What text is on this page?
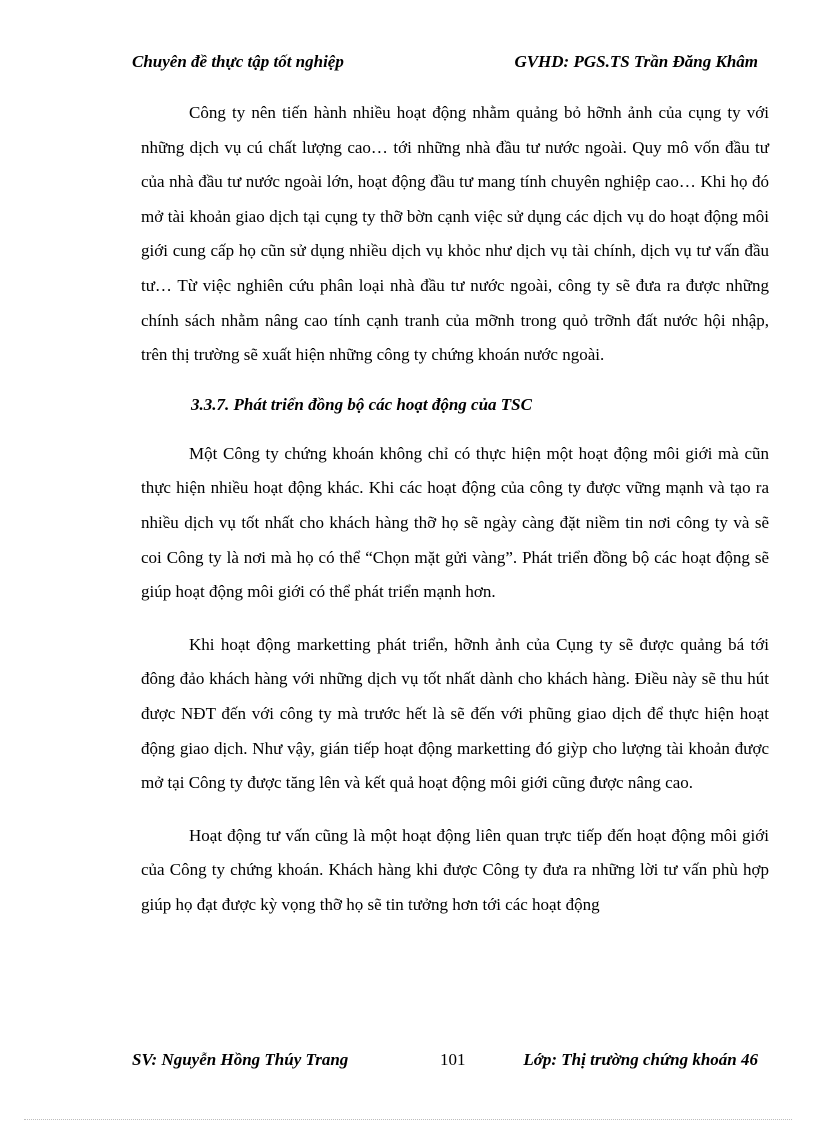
Chuyên đề thực tập tốt nghiệp	GVHD: PGS.TS Trần Đăng Khâm

Công ty nên tiến hành nhiều hoạt động nhằm quảng bỏ hỡnh ảnh của cụng ty với những dịch vụ cú chất lượng cao… tới những nhà đầu tư nước ngoài. Quy mô vốn đầu tư của nhà đầu tư nước ngoài lớn, hoạt động đầu tư mang tính chuyên nghiệp cao… Khi họ đó mở tài khoản giao dịch tại cụng ty thỡ bờn cạnh việc sử dụng các dịch vụ do hoạt động môi giới cung cấp họ cũn sử dụng nhiều dịch vụ khỏc như dịch vụ tài chính, dịch vụ tư vấn đầu tư… Từ việc nghiên cứu phân loại nhà đầu tư nước ngoài, công ty sẽ đưa ra được những chính sách nhằm nâng cao tính cạnh tranh của mỡnh trong quỏ trỡnh đất nước hội nhập, trên thị trường sẽ xuất hiện những công ty chứng khoán nước ngoài.

3.3.7. Phát triển đồng bộ các hoạt động của TSC

Một Công ty chứng khoán không chỉ có thực hiện một hoạt động môi giới mà cũn thực hiện nhiều hoạt động khác. Khi các hoạt động của công ty được vững mạnh và tạo ra nhiều dịch vụ tốt nhất cho khách hàng thỡ họ sẽ ngày càng đặt niềm tin nơi công ty và sẽ coi Công ty là nơi mà họ có thể “Chọn mặt gửi vàng”. Phát triển đồng bộ các hoạt động sẽ giúp hoạt động môi giới có thể phát triển mạnh hơn.

Khi hoạt động marketting phát triển, hỡnh ảnh của Cụng ty sẽ được quảng bá tới đông đảo khách hàng với những dịch vụ tốt nhất dành cho khách hàng. Điều này sẽ thu hút được NĐT đến với công ty mà trước hết là sẽ đến với phũng giao dịch để thực hiện hoạt động giao dịch. Như vậy, gián tiếp hoạt động marketting đó giỳp cho lượng tài khoản được mở tại Công ty được tăng lên và kết quả hoạt động môi giới cũng được nâng cao.

Hoạt động tư vấn cũng là một hoạt động liên quan trực tiếp đến hoạt động môi giới của Công ty chứng khoán. Khách hàng khi được Công ty đưa ra những lời tư vấn phù hợp giúp họ đạt được kỳ vọng thỡ họ sẽ tin tưởng hơn tới các hoạt động

SV: Nguyễn Hồng Thúy Trang	101	Lớp: Thị trường chứng khoán 46
